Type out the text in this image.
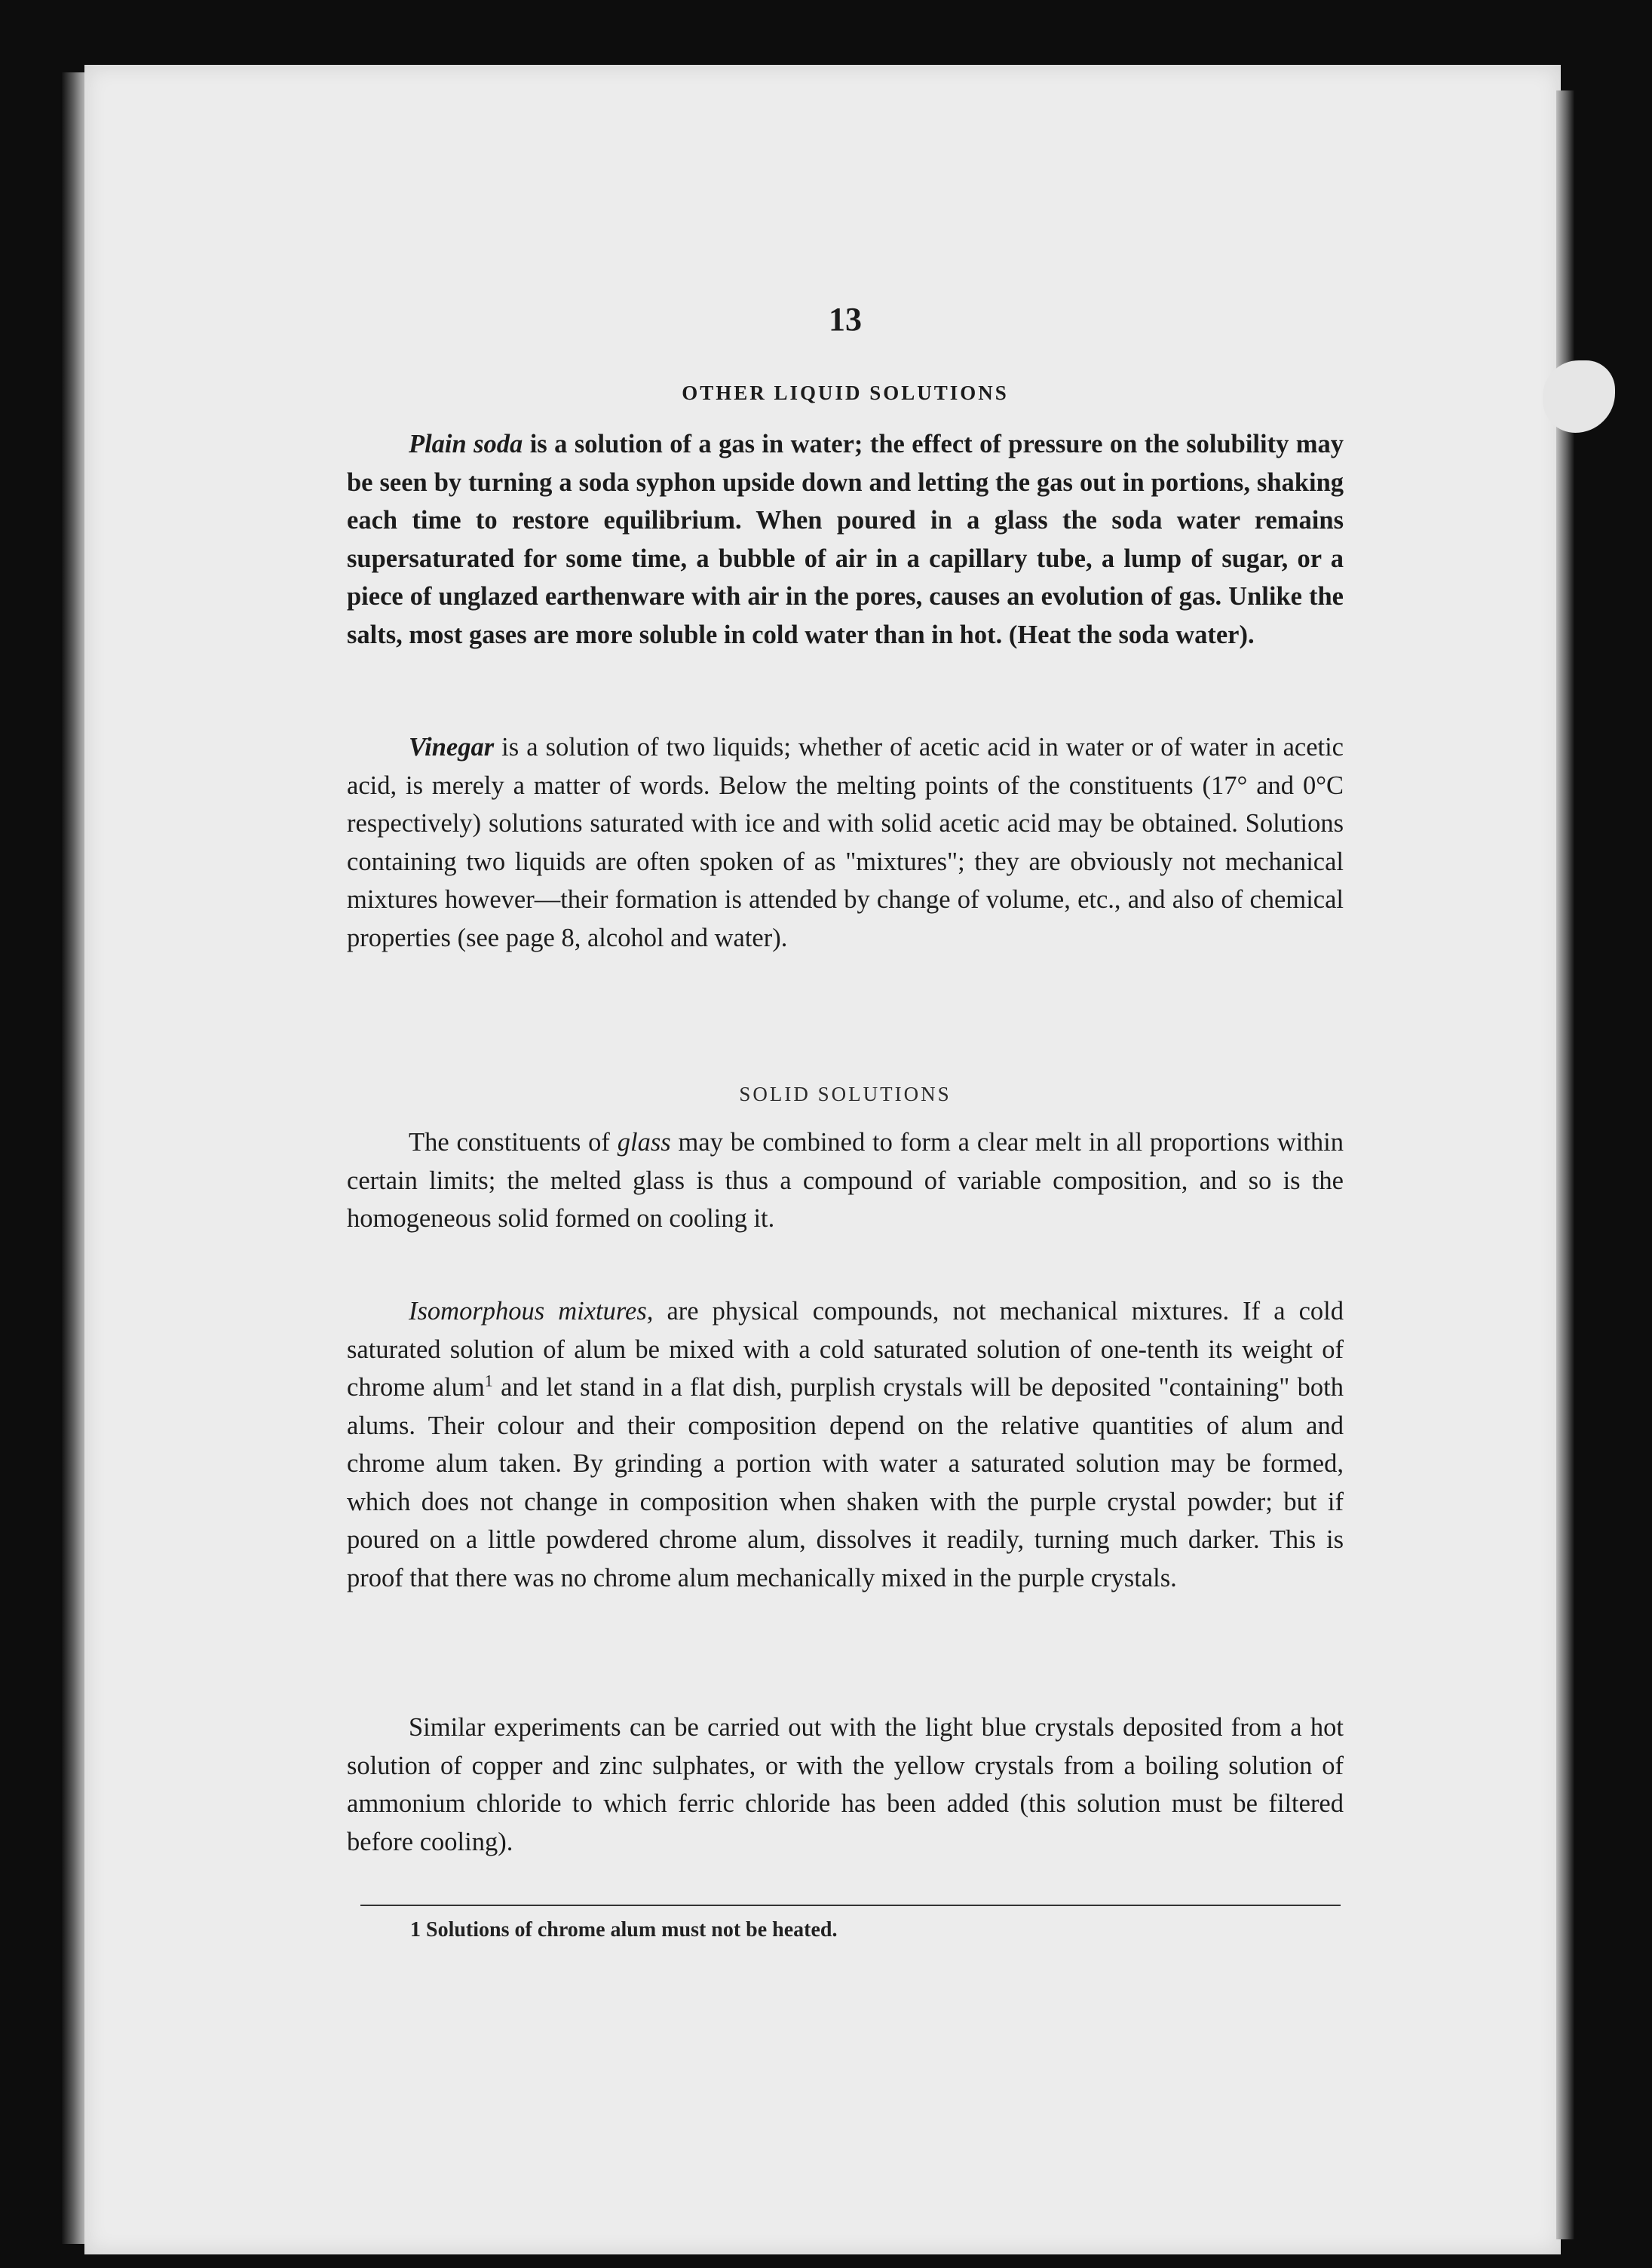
13
OTHER LIQUID SOLUTIONS

Plain soda is a solution of a gas in water; the effect of pressure on the solubility may be seen by turning a soda syphon upside down and letting the gas out in portions, shaking each time to restore equilibrium. When poured in a glass the soda water remains supersaturated for some time, a bubble of air in a capillary tube, a lump of sugar, or a piece of unglazed earthenware with air in the pores, causes an evolution of gas. Unlike the salts, most gases are more soluble in cold water than in hot. (Heat the soda water).

Vinegar is a solution of two liquids; whether of acetic acid in water or of water in acetic acid, is merely a matter of words. Below the melting points of the constituents (17° and 0°C respectively) solutions saturated with ice and with solid acetic acid may be obtained. Solutions containing two liquids are often spoken of as "mixtures"; they are obviously not mechanical mixtures however—their formation is attended by change of volume, etc., and also of chemical properties (see page 8, alcohol and water).

SOLID SOLUTIONS

The constituents of glass may be combined to form a clear melt in all proportions within certain limits; the melted glass is thus a compound of variable composition, and so is the homogeneous solid formed on cooling it.

Isomorphous mixtures, are physical compounds, not mechanical mixtures. If a cold saturated solution of alum be mixed with a cold saturated solution of one-tenth its weight of chrome alum$^1$ and let stand in a flat dish, purplish crystals will be deposited "containing" both alums. Their colour and their composition depend on the relative quantities of alum and chrome alum taken. By grinding a portion with water a saturated solution may be formed, which does not change in composition when shaken with the purple crystal powder; but if poured on a little powdered chrome alum, dissolves it readily, turning much darker. This is proof that there was no chrome alum mechanically mixed in the purple crystals.

Similar experiments can be carried out with the light blue crystals deposited from a hot solution of copper and zinc sulphates, or with the yellow crystals from a boiling solution of ammonium chloride to which ferric chloride has been added (this solution must be filtered before cooling).

1 Solutions of chrome alum must not be heated.
